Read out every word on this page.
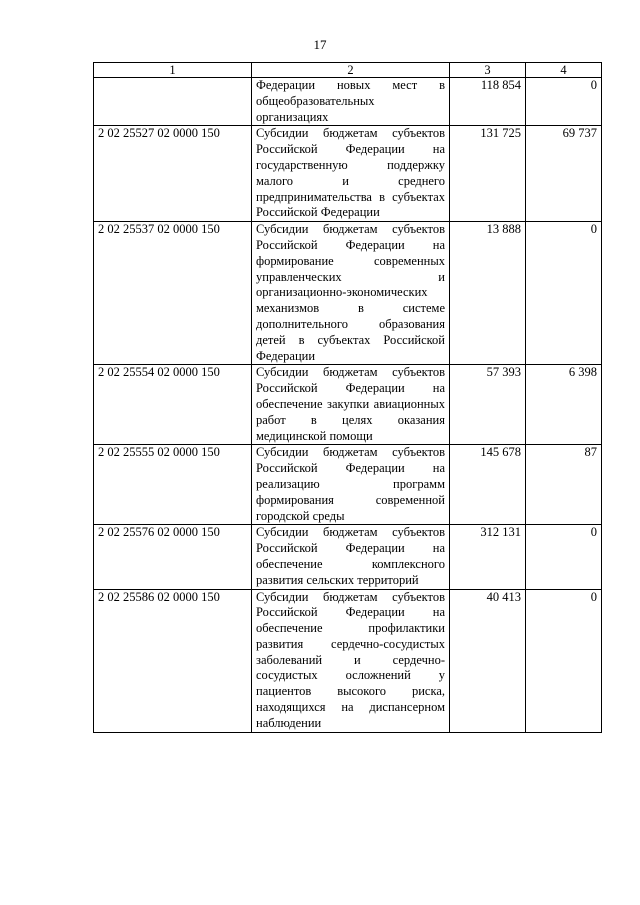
17
1	2	3	4
	Федерации новых мест в общеобразовательных организациях	118 854	0
2 02 25527 02 0000 150	Субсидии бюджетам субъектов Российской Федерации на государственную поддержку малого и среднего предпринимательства в субъектах Российской Федерации	131 725	69 737
2 02 25537 02 0000 150	Субсидии бюджетам субъектов Российской Федерации на формирование современных управленческих и организационно-экономических механизмов в системе дополнительного образования детей в субъектах Российской Федерации	13 888	0
2 02 25554 02 0000 150	Субсидии бюджетам субъектов Российской Федерации на обеспечение закупки авиационных работ в целях оказания медицинской помощи	57 393	6 398
2 02 25555 02 0000 150	Субсидии бюджетам субъектов Российской Федерации на реализацию программ формирования современной городской среды	145 678	87
2 02 25576 02 0000 150	Субсидии бюджетам субъектов Российской Федерации на обеспечение комплексного развития сельских территорий	312 131	0
2 02 25586 02 0000 150	Субсидии бюджетам субъектов Российской Федерации на обеспечение профилактики развития сердечно-сосудистых заболеваний и сердечно-сосудистых осложнений у пациентов высокого риска, находящихся на диспансерном наблюдении	40 413	0
